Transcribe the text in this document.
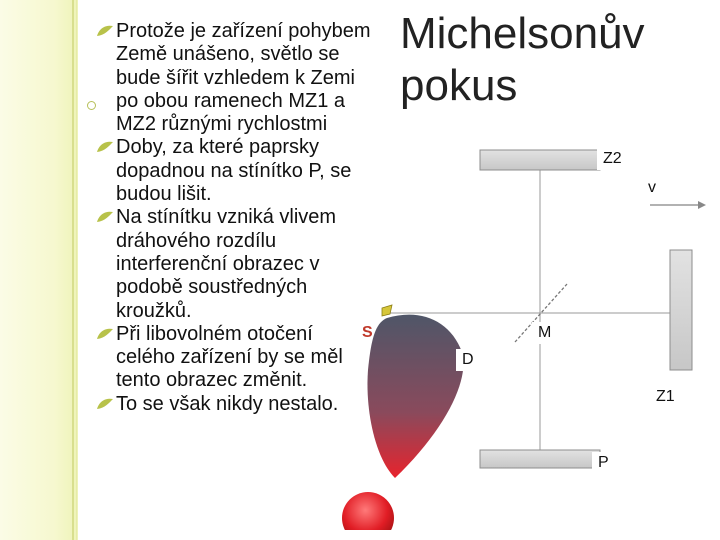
Michelsonův pokus
Z2
v
S
D
M
Z1
P
Protože je zařízení pohybem Země unášeno, světlo se bude šířit vzhledem k Zemi po obou ramenech MZ1 a MZ2 různými rychlostmi
Doby, za které paprsky dopadnou na stínítko P, se budou lišit.
Na stínítku vzniká vlivem dráhového rozdílu interferenční obrazec v podobě soustředných kroužků.
Při libovolném otočení celého zařízení by se měl tento obrazec změnit.
To se však nikdy nestalo.
